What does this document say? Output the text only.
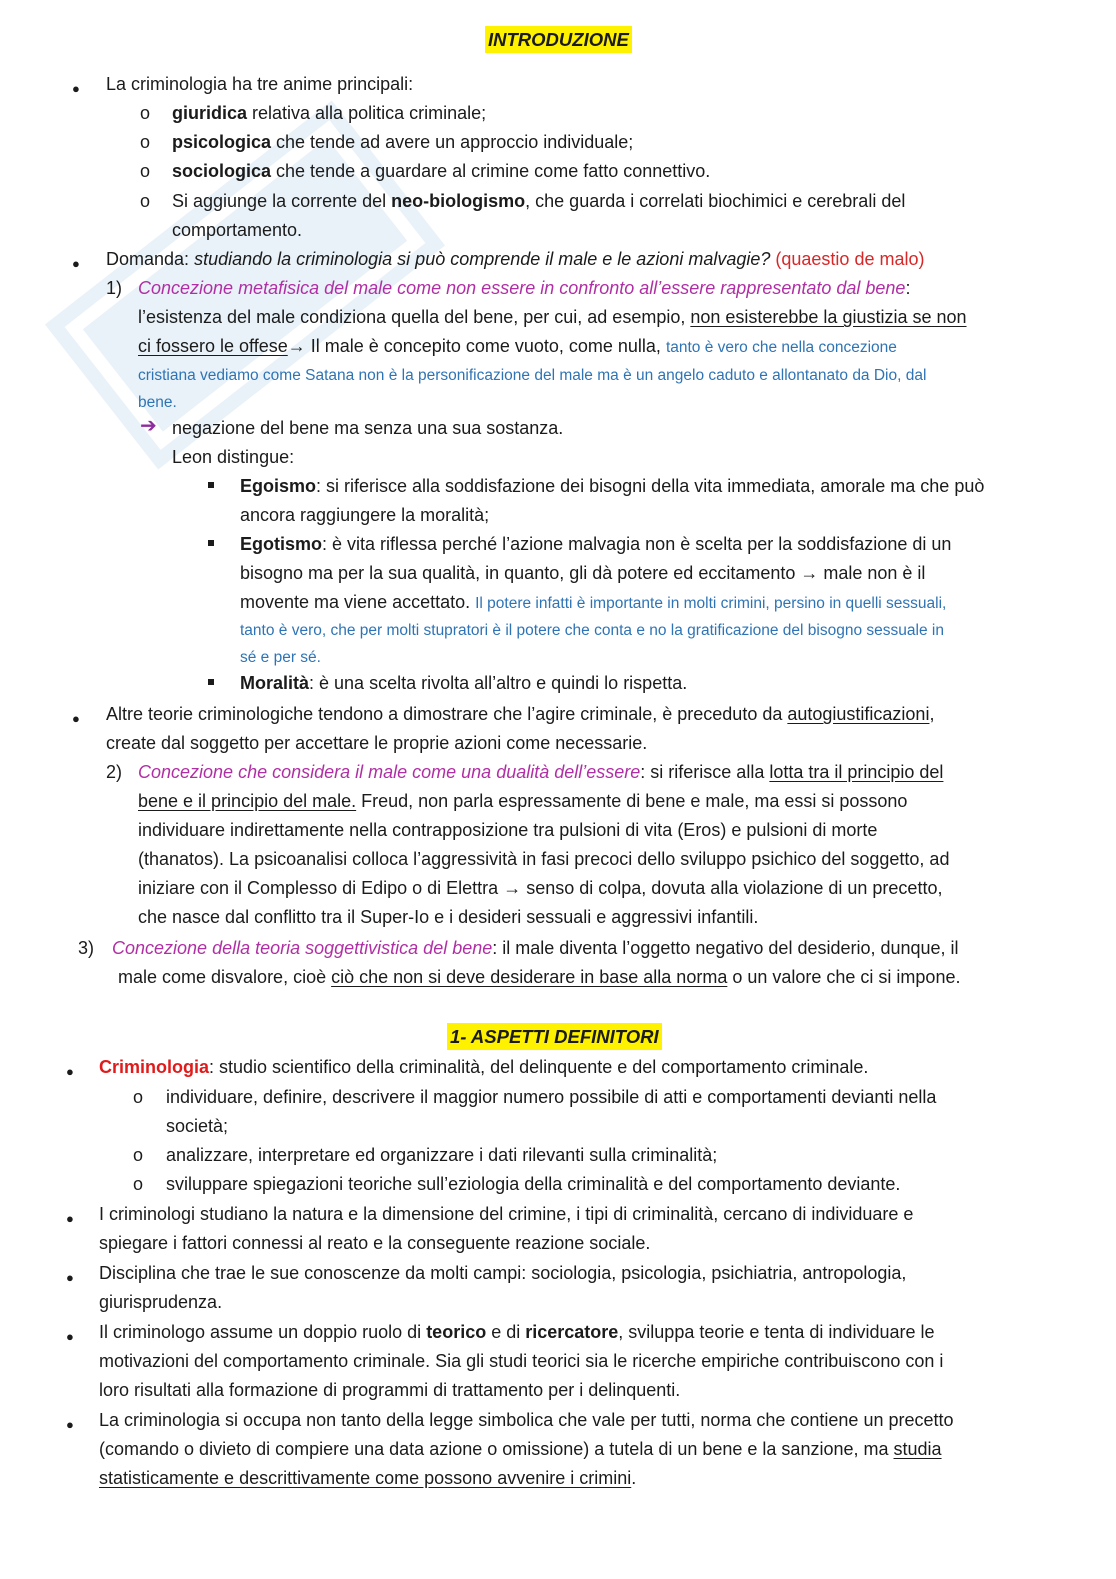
INTRODUZIONE
● La criminologia ha tre anime principali:
o giuridica relativa alla politica criminale;
o psicologica che tende ad avere un approccio individuale;
o sociologica che tende a guardare al crimine come fatto connettivo.
o Si aggiunge la corrente del neo-biologismo, che guarda i correlati biochimici e cerebrali del
comportamento.
● Domanda: studiando la criminologia si può comprende il male e le azioni malvagie? (quaestio de malo)
1) Concezione metafisica del male come non essere in confronto all’essere rappresentato dal bene:
l’esistenza del male condiziona quella del bene, per cui, ad esempio, non esisterebbe la giustizia se non
ci fossero le offese→ Il male è concepito come vuoto, come nulla, tanto è vero che nella concezione
cristiana vediamo come Satana non è la personificazione del male ma è un angelo caduto e allontanato da Dio, dal
bene.
➔ negazione del bene ma senza una sua sostanza.
Leon distingue:
Egoismo: si riferisce alla soddisfazione dei bisogni della vita immediata, amorale ma che può
ancora raggiungere la moralità;
Egotismo: è vita riflessa perché l’azione malvagia non è scelta per la soddisfazione di un
bisogno ma per la sua qualità, in quanto, gli dà potere ed eccitamento → male non è il
movente ma viene accettato. Il potere infatti è importante in molti crimini, persino in quelli sessuali,
tanto è vero, che per molti stupratori è il potere che conta e no la gratificazione del bisogno sessuale in
sé e per sé.
Moralità: è una scelta rivolta all’altro e quindi lo rispetta.
● Altre teorie criminologiche tendono a dimostrare che l’agire criminale, è preceduto da autogiustificazioni,
create dal soggetto per accettare le proprie azioni come necessarie.
2) Concezione che considera il male come una dualità dell’essere: si riferisce alla lotta tra il principio del
bene e il principio del male. Freud, non parla espressamente di bene e male, ma essi si possono
individuare indirettamente nella contrapposizione tra pulsioni di vita (Eros) e pulsioni di morte
(thanatos). La psicoanalisi colloca l’aggressività in fasi precoci dello sviluppo psichico del soggetto, ad
iniziare con il Complesso di Edipo o di Elettra → senso di colpa, dovuta alla violazione di un precetto,
che nasce dal conflitto tra il Super-Io e i desideri sessuali e aggressivi infantili.
3) Concezione della teoria soggettivistica del bene: il male diventa l’oggetto negativo del desiderio, dunque, il
male come disvalore, cioè ciò che non si deve desiderare in base alla norma o un valore che ci si impone.
1- ASPETTI DEFINITORI
● Criminologia: studio scientifico della criminalità, del delinquente e del comportamento criminale.
o individuare, definire, descrivere il maggior numero possibile di atti e comportamenti devianti nella
società;
o analizzare, interpretare ed organizzare i dati rilevanti sulla criminalità;
o sviluppare spiegazioni teoriche sull’eziologia della criminalità e del comportamento deviante.
● I criminologi studiano la natura e la dimensione del crimine, i tipi di criminalità, cercano di individuare e
spiegare i fattori connessi al reato e la conseguente reazione sociale.
● Disciplina che trae le sue conoscenze da molti campi: sociologia, psicologia, psichiatria, antropologia,
giurisprudenza.
● Il criminologo assume un doppio ruolo di teorico e di ricercatore, sviluppa teorie e tenta di individuare le
motivazioni del comportamento criminale. Sia gli studi teorici sia le ricerche empiriche contribuiscono con i
loro risultati alla formazione di programmi di trattamento per i delinquenti.
● La criminologia si occupa non tanto della legge simbolica che vale per tutti, norma che contiene un precetto
(comando o divieto di compiere una data azione o omissione) a tutela di un bene e la sanzione, ma studia
statisticamente e descrittivamente come possono avvenire i crimini.
